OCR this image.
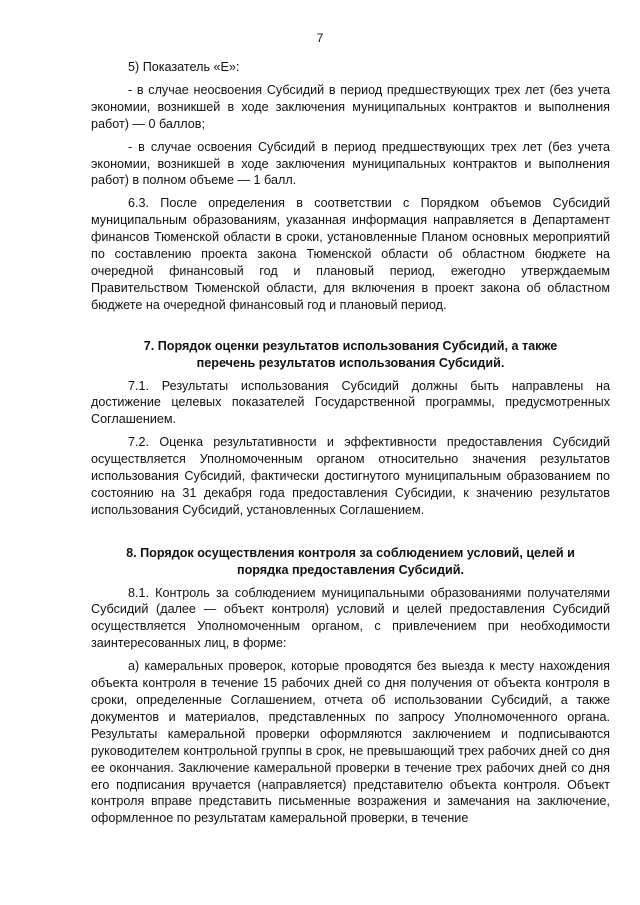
7

5) Показатель «Е»:

- в случае неосвоения Субсидий в период предшествующих трех лет (без учета экономии, возникшей в ходе заключения муниципальных контрактов и выполнения работ) — 0 баллов;

- в случае освоения Субсидий в период предшествующих трех лет (без учета экономии, возникшей в ходе заключения муниципальных контрактов и выполнения работ) в полном объеме — 1 балл.

6.3. После определения в соответствии с Порядком объемов Субсидий муниципальным образованиям, указанная информация направляется в Департамент финансов Тюменской области в сроки, установленные Планом основных мероприятий по составлению проекта закона Тюменской области об областном бюджете на очередной финансовый год и плановый период, ежегодно утверждаемым Правительством Тюменской области, для включения в проект закона об областном бюджете на очередной финансовый год и плановый период.

7. Порядок оценки результатов использования Субсидий, а также перечень результатов использования Субсидий.

7.1. Результаты использования Субсидий должны быть направлены на достижение целевых показателей Государственной программы, предусмотренных Соглашением.

7.2. Оценка результативности и эффективности предоставления Субсидий осуществляется Уполномоченным органом относительно значения результатов использования Субсидий, фактически достигнутого муниципальным образованием по состоянию на 31 декабря года предоставления Субсидии, к значению результатов использования Субсидий, установленных Соглашением.

8. Порядок осуществления контроля за соблюдением условий, целей и порядка предоставления Субсидий.

8.1. Контроль за соблюдением муниципальными образованиями получателями Субсидий (далее — объект контроля) условий и целей предоставления Субсидий осуществляется Уполномоченным органом, с привлечением при необходимости заинтересованных лиц, в форме:

а) камеральных проверок, которые проводятся без выезда к месту нахождения объекта контроля в течение 15 рабочих дней со дня получения от объекта контроля в сроки, определенные Соглашением, отчета об использовании Субсидий, а также документов и материалов, представленных по запросу Уполномоченного органа. Результаты камеральной проверки оформляются заключением и подписываются руководителем контрольной группы в срок, не превышающий трех рабочих дней со дня ее окончания. Заключение камеральной проверки в течение трех рабочих дней со дня его подписания вручается (направляется) представителю объекта контроля. Объект контроля вправе представить письменные возражения и замечания на заключение, оформленное по результатам камеральной проверки, в течение
